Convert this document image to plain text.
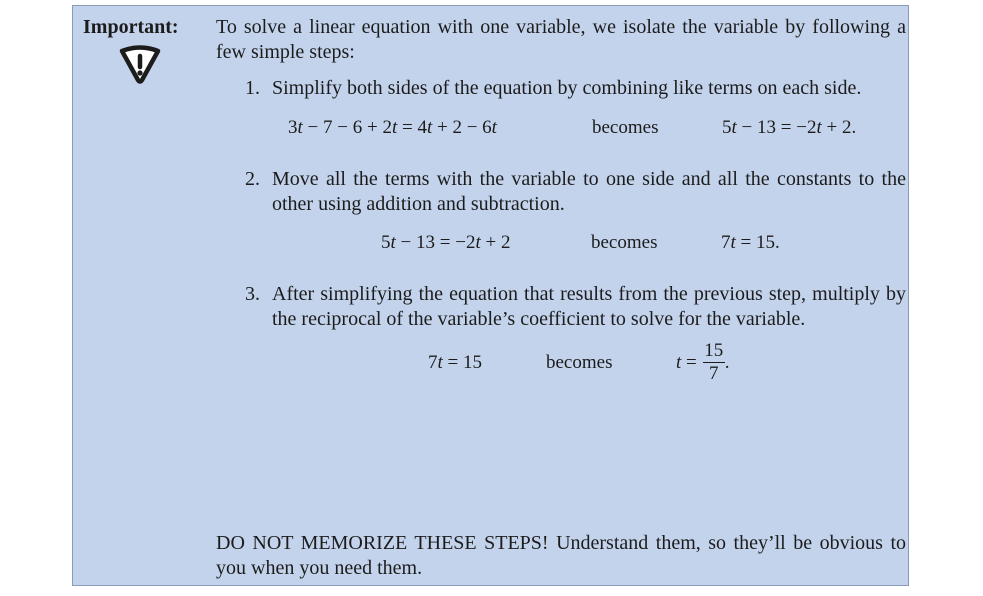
Important: To solve a linear equation with one variable, we isolate the variable by following a few simple steps:

1. Simplify both sides of the equation by combining like terms on each side.

3t − 7 − 6 + 2t = 4t + 2 − 6t	becomes	5t − 13 = −2t + 2.
2. Move all the terms with the variable to one side and all the constants to the other using addition and subtraction.

5t − 13 = −2t + 2	becomes	7t = 15.
3. After simplifying the equation that results from the previous step, multiply by the reciprocal of the variable’s coefficient to solve for the variable.

7t = 15	becomes	$t = \frac{15}{7}$ .

DO NOT MEMORIZE THESE STEPS! Understand them, so they’ll be obvious to you when you need them.
